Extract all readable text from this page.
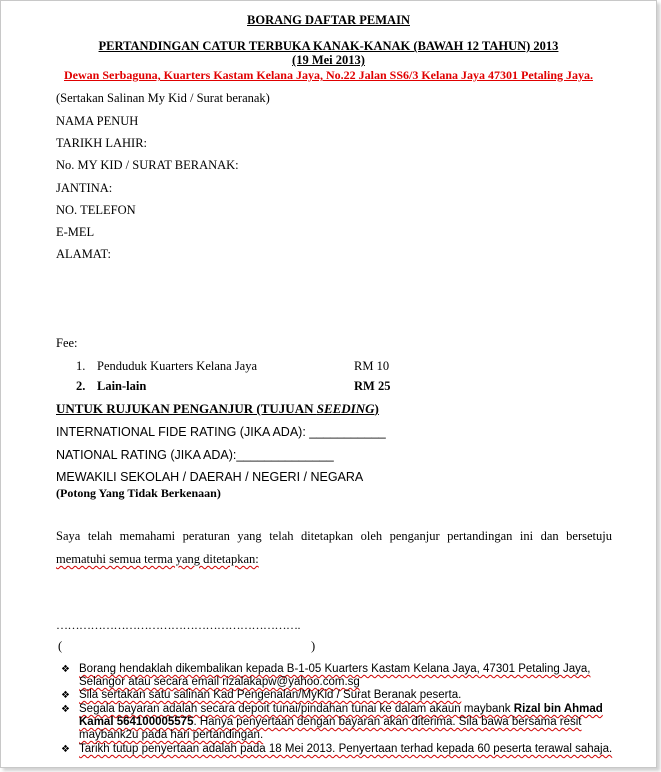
BORANG DAFTAR PEMAIN
PERTANDINGAN CATUR TERBUKA KANAK-KANAK (BAWAH 12 TAHUN) 2013
(19 Mei 2013)
Dewan Serbaguna, Kuarters Kastam Kelana Jaya, No.22 Jalan SS6/3 Kelana Jaya 47301 Petaling Jaya.
(Sertakan Salinan My Kid / Surat beranak)
NAMA PENUH
TARIKH LAHIR:
No. MY KID / SURAT BERANAK:
JANTINA:
NO. TELEFON
E-MEL
ALAMAT:
Fee:
1. Penduduk Kuarters Kelana Jaya	RM 10
2. Lain-lain	RM 25
UNTUK RUJUKAN PENGANJUR (TUJUAN SEEDING)
INTERNATIONAL FIDE RATING (JIKA ADA): ___________
NATIONAL RATING (JIKA ADA):______________
MEWAKILI SEKOLAH / DAERAH / NEGERI / NEGARA
(Potong Yang Tidak Berkenaan)
Saya telah memahami peraturan yang telah ditetapkan oleh penganjur pertandingan ini dan bersetuju
mematuhi semua terma yang ditetapkan:
……………………………………………………….
(	)
❖ Borang hendaklah dikembalikan kepada B-1-05 Kuarters Kastam Kelana Jaya, 47301 Petaling Jaya, Selangor atau secara email rizalakapw@yahoo.com.sg
❖ Sila sertakan satu salinan Kad Pengenalan/MyKid / Surat Beranak peserta.
❖ Segala bayaran adalah secara depoit tunai/pindahan tunai ke dalam akaun maybank Rizal bin Ahmad Kamal 564100005575. Hanya penyertaan dengan bayaran akan diterima. Sila bawa bersama resit maybank2u pada hari pertandingan.
❖ Tarikh tutup penyertaan adalah pada 18 Mei 2013. Penyertaan terhad kepada 60 peserta terawal sahaja.
